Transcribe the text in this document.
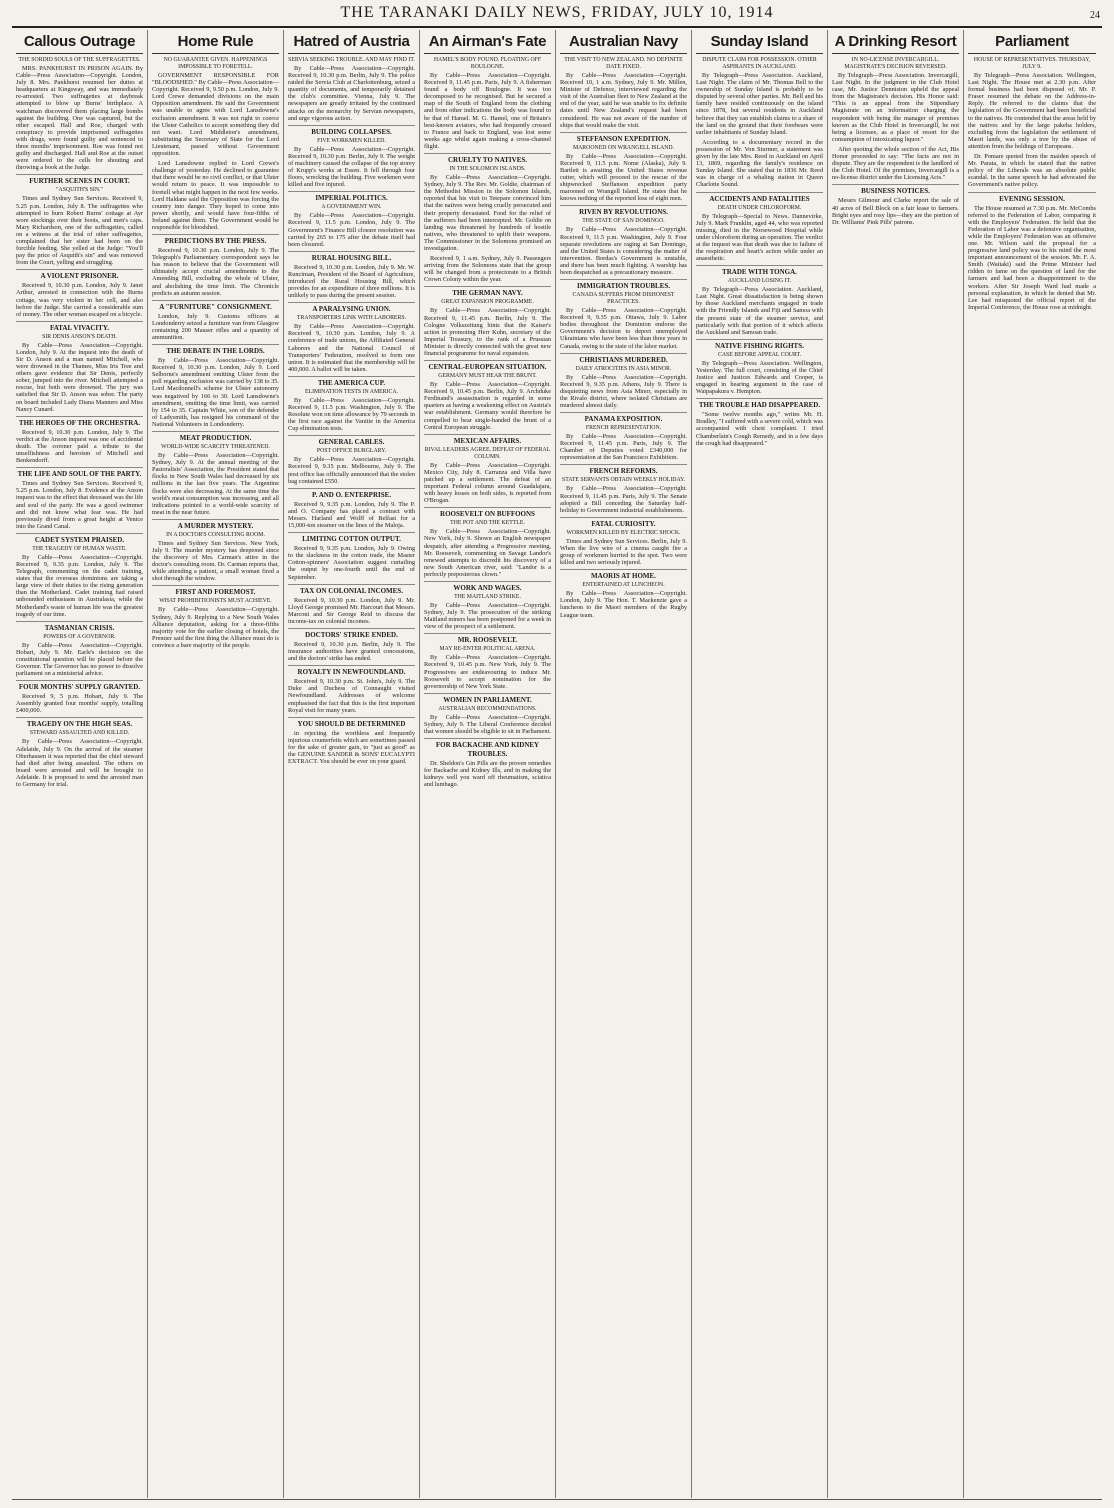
THE TARANAKI DAILY NEWS, FRIDAY, JULY 10, 1914	24
Callous Outrage
THE SORDID SOULS OF THE SUFFRAGETTES.

MRS. PANKHURST IN PRISON AGAIN. By Cable—Press Association—Copyright. London, July 8. Mrs. Pankhurst resumed her duties at headquarters at Kingsway, and was immediately re-arrested. Two suffragettes at daybreak attempted to blow up Burns' birthplace. A watchman discovered them placing large bombs against the building. One was captured, but the other escaped. Hall and Roe, charged with conspiracy to provide imprisoned suffragettes with drugs, were found guilty and sentenced to three months' imprisonment. Roe was found not guilty and discharged. Hall and Roe at the outset were ordered to the cells for shouting and throwing a book at the Judge.

FURTHER SCENES IN COURT.
"ASQUITH'S SIN."

Times and Sydney Sun Services. Received 9, 5.25 p.m. London, July 8. The suffragettes who attempted to burn Robert Burns' cottage at Ayr wore stockings over their boots, and men's caps. Mary Richardson, one of the suffragettes, called on a witness at the trial of other suffragettes, complained that her sister had been on the forcible feeding. She yelled at the Judge: "You'll pay the price of Asquith's sin" and was removed from the Court, yelling and struggling.

A VIOLENT PRISONER.

Received 9, 10.30 p.m. London, July 9. Janet Arthur, arrested in connection with the Burns cottage, was very violent in her cell, and also before the Judge. She carried a considerable sum of money. The other woman escaped on a bicycle.

FATAL VIVACITY.
SIR DENIS ANSON'S DEATH.

By Cable—Press Association—Copyright. London, July 9. At the inquest into the death of Sir D. Anson and a man named Mitchell, who were drowned in the Thames, Miss Iris Tree and others gave evidence that Sir Denis, perfectly sober, jumped into the river. Mitchell attempted a rescue, but both were drowned. The jury was satisfied that Sir D. Anson was sober. The party on board included Lady Diana Manners and Miss Nancy Cunard.

THE HEROES OF THE ORCHESTRA.

Received 9, 10.30 p.m. London, July 9. The verdict at the Anson inquest was one of accidental death. The coroner paid a tribute to the unselfishness and heroism of Mitchell and Benkendorff.

THE LIFE AND SOUL OF THE PARTY.

Times and Sydney Sun Services. Received 9, 5.25 p.m. London, July 8. Evidence at the Anson inquest was to the effect that deceased was the life and soul of the party. He was a good swimmer and did not know what fear was. He had previously dived from a great height at Venice into the Grand Canal.

CADET SYSTEM PRAISED.
THE TRAGEDY OF HUMAN WASTE.

By Cable—Press Association—Copyright. Received 9, 9.35 p.m. London, July 9. The Telegraph, commenting on the cadet training, states that the overseas dominions are taking a large view of their duties to the rising generation than the Motherland. Cadet training had raised unbounded enthusiasm in Australasia, while the Motherland's waste of human life was the greatest tragedy of our time.

TASMANIAN CRISIS.
POWERS OF A GOVERNOR.

By Cable—Press Association—Copyright. Hobart, July 9. Mr. Earle's decision on the constitutional question will be placed before the Governor. The Governor has no power to dissolve parliament on a ministerial advice.

FOUR MONTHS' SUPPLY GRANTED.

Received 9, 5 p.m. Hobart, July 9. The Assembly granted four months' supply, totalling £400,000.

TRAGEDY ON THE HIGH SEAS.
STEWARD ASSAULTED AND KILLED.

By Cable—Press Association—Copyright. Adelaide, July 9. On the arrival of the steamer Oberhausen it was reported that the chief steward had died after being assaulted. The others on board were arrested and will be brought to Adelaide. It is proposed to send the arrested man to Germany for trial.

Home Rule
NO GUARANTEE GIVEN. HAPPENINGS IMPOSSIBLE TO FORETELL.

GOVERNMENT RESPONSIBLE FOR "BLOODSHED." By Cable—Press Association—Copyright. Received 9, 9.50 p.m. London, July 9. Lord Crewe demanded divisions on the main Opposition amendment. He said the Government was unable to agree with Lord Lansdowne's exclusion amendment. It was not right to coerce the Ulster Catholics to accept something they did not want. Lord Middleton's amendment, substituting the Secretary of State for the Lord Lieutenant, passed without Government opposition.

Lord Lansdowne replied to Lord Crewe's challenge of yesterday. He declined to guarantee that there would be no civil conflict, or that Ulster would return to peace. It was impossible to foretell what might happen in the next few weeks. Lord Haldane said the Opposition was forcing the country into danger. They hoped to come into power shortly, and would have four-fifths of Ireland against them. The Government would be responsible for bloodshed.

PREDICTIONS BY THE PRESS.

Received 9, 10.30 p.m. London, July 9. The Telegraph's Parliamentary correspondent says he has reason to believe that the Government will ultimately accept crucial amendments to the Amending Bill, excluding the whole of Ulster, and abolishing the time limit. The Chronicle predicts an autumn session.

A "FURNITURE" CONSIGNMENT.

London, July 9. Customs officers at Londonderry seized a furniture van from Glasgow containing 200 Mauser rifles and a quantity of ammunition.

THE DEBATE IN THE LORDS.

By Cable—Press Association—Copyright. Received 9, 10.30 p.m. London, July 9. Lord Selborne's amendment omitting Ulster from the poll regarding exclusion was carried by 138 to 35. Lord Macdonnell's scheme for Ulster autonomy was negatived by 166 to 30. Lord Lansdowne's amendment, omitting the time limit, was carried by 154 to 35. Captain White, son of the defender of Ladysmith, has resigned his command of the National Volunteers in Londonderry.

MEAT PRODUCTION.
WORLD-WIDE SCARCITY THREATENED.

By Cable—Press Association—Copyright. Sydney, July 9. At the annual meeting of the Pastoralists' Association, the President stated that flocks in New South Wales had decreased by six millions in the last five years. The Argentine flocks were also decreasing. At the same time the world's meat consumption was increasing, and all indications pointed to a world-wide scarcity of meat in the near future.

A MURDER MYSTERY.
IN A DOCTOR'S CONSULTING ROOM.

Times and Sydney Sun Services. New York, July 9. The murder mystery has deepened since the discovery of Mrs. Carman's attire in the doctor's consulting room. Dr. Carman reports that, while attending a patient, a small woman fired a shot through the window.

FIRST AND FOREMOST.
WHAT PROHIBITIONISTS MUST ACHIEVE.

By Cable—Press Association—Copyright. Sydney, July 9. Replying to a New South Wales Alliance deputation, asking for a three-fifths majority vote for the earlier closing of hotels, the Premier said the first thing the Alliance must do is convince a bare majority of the people.

Hatred of Austria
SERVIA SEEKING TROUBLE. AND MAY FIND IT.

By Cable—Press Association—Copyright. Received 9, 10.30 p.m. Berlin, July 9. The police raided the Servia Club at Charlottenburg, seized a quantity of documents, and temporarily detained the club's committee. Vienna, July 9. The newspapers are greatly irritated by the continued attacks on the monarchy by Servian newspapers, and urge vigorous action.

BUILDING COLLAPSES.
FIVE WORKMEN KILLED.

By Cable—Press Association—Copyright. Received 9, 10.30 p.m. Berlin, July 9. The weight of machinery caused the collapse of the top storey of Krupp's works at Essen. It fell through four floors, wrecking the building. Five workmen were killed and five injured.

IMPERIAL POLITICS.
A GOVERNMENT WIN.

By Cable—Press Association—Copyright. Received 9, 11.5 p.m. London, July 9. The Government's Finance Bill closure resolution was carried by 265 to 175 after the debate itself had been closured.

RURAL HOUSING BILL.

Received 9, 10.30 p.m. London, July 9. Mr. W. Runciman, President of the Board of Agriculture, introduced the Rural Housing Bill, which provides for an expenditure of three millions. It is unlikely to pass during the present session.

A PARALYSING UNION.
TRANSPORTERS LINK WITH LABORERS.

By Cable—Press Association—Copyright. Received 9, 10.30 p.m. London, July 9. A conference of trade unions, the Affiliated General Laborers and the National Council of Transporters' Federation, resolved to form one union. It is estimated that the membership will be 400,000. A ballot will be taken.

THE AMERICA CUP.
ELIMINATION TESTS IN AMERICA.

By Cable—Press Association—Copyright. Received 9, 11.5 p.m. Washington, July 9. The Resolute won on time allowance by 79 seconds in the first race against the Vanitie in the America Cup elimination tests.

GENERAL CABLES.
POST OFFICE BURGLARY.

By Cable—Press Association—Copyright. Received 9, 9.35 p.m. Melbourne, July 9. The post office has officially announced that the stolen bag contained £550.

P. AND O. ENTERPRISE.

Received 9, 9.35 p.m. London, July 9. The P. and O. Company has placed a contract with Messrs. Harland and Wolff of Belfast for a 15,000-ton steamer on the lines of the Maloja.

LIMITING COTTON OUTPUT.

Received 9, 9.35 p.m. London, July 9. Owing to the slackness in the cotton trade, the Master Cotton-spinners' Association suggest curtailing the output by one-fourth until the end of September.

TAX ON COLONIAL INCOMES.

Received 9, 10.30 p.m. London, July 9. Mr. Lloyd George promised Mr. Harcourt that Messrs. Marconi and Sir George Reid to discuss the income-tax on colonial incomes.

DOCTORS' STRIKE ENDED.

Received 9, 10.30 p.m. Berlin, July 9. The insurance authorities have granted concessions, and the doctors' strike has ended.

ROYALTY IN NEWFOUNDLAND.

Received 9, 10.30 p.m. St. John's, July 9. The Duke and Duchess of Connaught visited Newfoundland. Addresses of welcome emphasised the fact that this is the first important Royal visit for many years.

YOU SHOULD BE DETERMINED

in rejecting the worthless and frequently injurious counterfeits which are sometimes passed for the sake of greater gain, to "just as good" as the GENUINE SANDER & SONS' EUCALYPTI EXTRACT. You should be ever on your guard.

An Airman's Fate
HAMEL'S BODY FOUND. FLOATING OFF BOULOGNE.

By Cable—Press Association—Copyright. Received 9, 11.45 p.m. Paris, July 9. A fisherman found a body off Boulogne. It was too decomposed to be recognised. But he secured a map of the South of England from the clothing and from other indications the body was found to be that of Hamel. M. G. Hamel, one of Britain's best-known aviators, who had frequently crossed to France and back to England, was lost some weeks ago whilst again making a cross-channel flight.

CRUELTY TO NATIVES.
IN THE SOLOMON ISLANDS.

By Cable—Press Association—Copyright. Sydney, July 9. The Rev. Mr. Goldie, chairman of the Methodist Mission in the Solomon Islands, reported that his visit to Tetepare convinced him that the natives were being cruelly persecuted and their property devastated. Food for the relief of the sufferers had been intercepted. Mr. Goldie on landing was threatened by hundreds of hostile natives, who threatened to uplift their weapons. The Commissioner in the Solomons promised an investigation.

Received 9, 1 a.m. Sydney, July 9. Passengers arriving from the Solomons state that the group will be changed from a protectorate to a British Crown Colony within the year.

THE GERMAN NAVY.
GREAT EXPANSION PROGRAMME.

By Cable—Press Association—Copyright. Received 9, 11.45 p.m. Berlin, July 9. The Cologne Volkszeitung hints that the Kaiser's action in promoting Herr Kohn, secretary of the Imperial Treasury, to the rank of a Prussian Minister is directly connected with the great new financial programme for naval expansion.

CENTRAL-EUROPEAN SITUATION.
GERMANY MUST HEAR THE BRUNT.

By Cable—Press Association—Copyright. Received 9, 10.45 p.m. Berlin, July 9. Archduke Ferdinand's assassination is regarded in some quarters as having a weakening effect on Austria's war establishment. Germany would therefore be compelled to bear single-handed the brunt of a Central European struggle.

MEXICAN AFFAIRS.
RIVAL LEADERS AGREE. DEFEAT OF FEDERAL COLUMN.

By Cable—Press Association—Copyright. Mexico City, July 8. Carranza and Villa have patched up a settlement. The defeat of an important Federal column around Guadalajara, with heavy losses on both sides, is reported from O'Brogan.

ROOSEVELT ON BUFFOONS
THE POT AND THE KETTLE.

By Cable—Press Association—Copyright. New York, July 9. Shown an English newspaper despatch, after attending a Progressive meeting, Mr. Roosevelt, commenting on Savage Landor's renewed attempts to discredit his discovery of a new South American river, said: "Landor is a perfectly preposterous clown."

WORK AND WAGES.
THE MAITLAND STRIKE.

By Cable—Press Association—Copyright. Sydney, July 9. The prosecution of the striking Maitland miners has been postponed for a week in view of the prospect of a settlement.

MR. ROOSEVELT.
MAY RE-ENTER POLITICAL ARENA.

By Cable—Press Association—Copyright. Received 9, 10.45 p.m. New York, July 9. The Progressives are endeavouring to induce Mr. Roosevelt to accept nomination for the governorship of New York State.

WOMEN IN PARLIAMENT.
AUSTRALIAN RECOMMENDATIONS.

By Cable—Press Association—Copyright. Sydney, July 9. The Liberal Conference decided that women should be eligible to sit in Parliament.

FOR BACKACHE AND KIDNEY TROUBLES.

Dr. Sheldon's Gin Pills are the proven remedies for Backache and Kidney Ills, and in making the kidneys well you ward off rheumatism, sciatica and lumbago.

Australian Navy
THE VISIT TO NEW ZEALAND. NO DEFINITE DATE FIXED.

By Cable—Press Association—Copyright. Received 10, 1 a.m. Sydney, July 9. Mr. Millen, Minister of Defence, interviewed regarding the visit of the Australian fleet to New Zealand at the end of the year, said he was unable to fix definite dates until New Zealand's request had been considered. He was not aware of the number of ships that would make the visit.

STEFFANSON EXPEDITION.
MAROONED ON WRANGELL ISLAND.

By Cable—Press Association—Copyright. Received 9, 11.5 p.m. Nome (Alaska), July 9. Bartlett is awaiting the United States revenue cutter, which will proceed to the rescue of the shipwrecked Steffanson expedition party marooned on Wrangell Island. He states that he knows nothing of the reported loss of eight men.

RIVEN BY REVOLUTIONS.
THE STATE OF SAN DOMINGO.

By Cable—Press Association—Copyright. Received 9, 11.5 p.m. Washington, July 9. Four separate revolutions are raging at San Domingo, and the United States is considering the matter of intervention. Bordas's Government is unstable, and there has been much fighting. A warship has been despatched as a precautionary measure.

IMMIGRATION TROUBLES.
CANADA SUFFERS FROM DISHONEST PRACTICES.

By Cable—Press Association—Copyright. Received 9, 9.35 p.m. Ottawa, July 9. Labor bodies throughout the Dominion endorse the Government's decision to deport unemployed Ukrainians who have been less than three years in Canada, owing to the state of the labor market.

CHRISTIANS MURDERED.
DAILY ATROCITIES IN ASIA MINOR.

By Cable—Press Association—Copyright. Received 9, 9.35 p.m. Athens, July 9. There is disquieting news from Asia Minor, especially in the Rivalo district, where isolated Christians are murdered almost daily.

PANAMA EXPOSITION.
FRENCH REPRESENTATION.

By Cable—Press Association—Copyright. Received 9, 11.45 p.m. Paris, July 9. The Chamber of Deputies voted £340,000 for representation at the San Francisco Exhibition.

FRENCH REFORMS.
STATE SERVANTS OBTAIN WEEKLY HOLIDAY.

By Cable—Press Association—Copyright. Received 9, 11.45 p.m. Paris, July 9. The Senate adopted a Bill conceding the Saturday half-holiday to Government industrial establishments.

FATAL CURIOSITY.
WORKMEN KILLED BY ELECTRIC SHOCK.

Times and Sydney Sun Services. Berlin, July 9. When the live wire of a cinema caught fire a group of workmen hurried to the spot. Two were killed and two seriously injured.

MAORIS AT HOME.
ENTERTAINED AT LUNCHEON.

By Cable—Press Association—Copyright. London, July 9. The Hon. T. Mackenzie gave a luncheon to the Maori members of the Rugby League team.

Sunday Island
DISPUTE CLAIM FOR POSSESSION. OTHER ASPIRANTS IN AUCKLAND.

By Telegraph—Press Association. Auckland, Last Night. The claim of Mr. Thomas Bell to the ownership of Sunday Island is probably to be disputed by several other parties. Mr. Bell and his family have resided continuously on the island since 1878, but several residents in Auckland believe that they can establish claims to a share of the land on the ground that their forebears were earlier inhabitants of Sunday Island.

According to a documentary record in the possession of Mr. Von Sturmer, a statement was given by the late Mrs. Reed in Auckland on April 13, 1869, regarding the family's residence on Sunday Island. She stated that in 1836 Mr. Reed was in charge of a whaling station in Queen Charlotte Sound.

ACCIDENTS AND FATALITIES
DEATH UNDER CHLOROFORM.

By Telegraph—Special to News. Dannevirke, July 9. Mark Franklin, aged 44, who was reported missing, died in the Norsewood Hospital while under chloroform during an operation. The verdict at the inquest was that death was due to failure of the respiration and heart's action while under an anaesthetic.

TRADE WITH TONGA.
AUCKLAND LOSING IT.

By Telegraph—Press Association. Auckland, Last Night. Great dissatisfaction is being shown by those Auckland merchants engaged in trade with the Friendly Islands and Fiji and Samoa with the present state of the steamer service, and particularly with that portion of it which affects the Auckland and Samoan trade.

NATIVE FISHING RIGHTS.
CASE BEFORE APPEAL COURT.

By Telegraph—Press Association. Wellington, Yesterday. The full court, consisting of the Chief Justice and Justices Edwards and Cooper, is engaged in hearing argument in the case of Waipapakura v. Hempton.

THE TROUBLE HAD DISAPPEARED.

"Some twelve months ago," writes Mr. H. Bradley, "I suffered with a severe cold, which was accompanied with chest complaint. I tried Chamberlain's Cough Remedy, and in a few days the cough had disappeared."

A Drinking Resort
IN NO-LICENSE INVERCARGILL. MAGISTRATE'S DECISION REVERSED.

By Telegraph—Press Association. Invercargill, Last Night. In the judgment in the Club Hotel case, Mr. Justice Denniston upheld the appeal from the Magistrate's decision. His Honor said: "This is an appeal from the Stipendiary Magistrate on an information charging the respondent with being the manager of premises known as the Club Hotel in Invercargill, he not being a licensee, as a place of resort for the consumption of intoxicating liquor."

After quoting the whole section of the Act, His Honor proceeded to say: "The facts are not in dispute. They are the respondent is the landlord of the Club Hotel. Of the premises, Invercargill is a no-license district under the Licensing Acts."

BUSINESS NOTICES.

Messrs Gilmour and Clarke report the sale of 40 acres of Bell Block on a fair lease to farmers. Bright eyes and rosy lips—they are the portion of Dr. Williams' Pink Pills' patrons.

Parliament
HOUSE OF REPRESENTATIVES. THURSDAY, JULY 9.

By Telegraph—Press Association. Wellington, Last Night. The House met at 2.30 p.m. After formal business had been disposed of, Mr. P. Fraser resumed the debate on the Address-in-Reply. He referred to the claims that the legislation of the Government had been beneficial to the natives. He contended that the areas held by the natives and by the large pakeha holders, excluding from the legislation the settlement of Maori lands, was only a tree by the abuse of attention from the holdings of Europeans.

Dr. Pomare quoted from the maiden speech of Mr. Parata, in which he stated that the native policy of the Liberals was an absolute public scandal. In the same speech he had advocated the Government's native policy.

EVENING SESSION.

The House resumed at 7.30 p.m. Mr. McCombs referred to the Federation of Labor, comparing it with the Employers' Federation. He held that the Federation of Labor was a defensive organisation, while the Employers' Federation was an offensive one. Mr. Wilson said the proposal for a progressive land policy was to his mind the most important announcement of the session. Mr. F. A. Smith (Waitaki) said the Prime Minister had ridden to fame on the question of land for the farmers and had been a disappointment to the workers. After Sir Joseph Ward had made a personal explanation, in which he denied that Mr. Lee had misquoted the official report of the Imperial Conference, the House rose at midnight.
